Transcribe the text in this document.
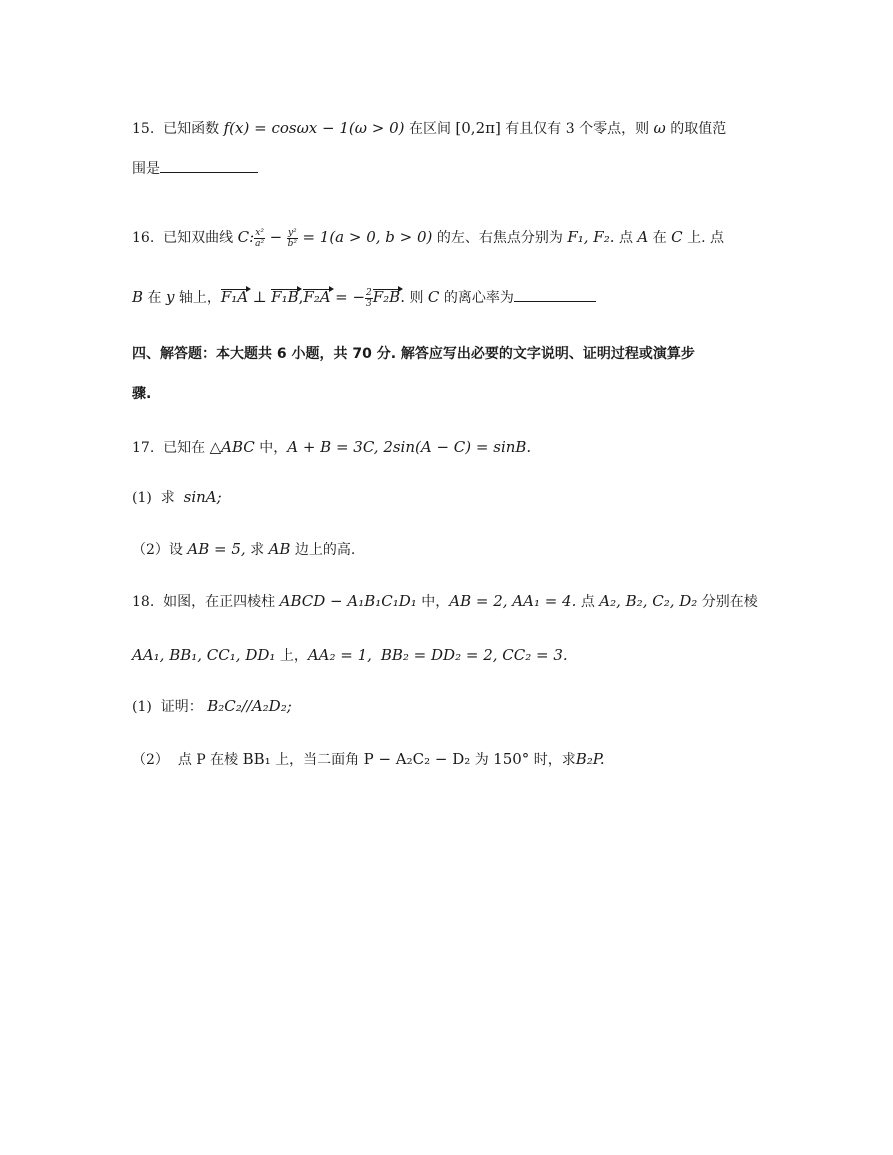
15. 已知函数 f(x) = cosωx − 1(ω > 0) 在区间 [0,2π] 有且仅有 3 个零点，则 ω 的取值范
围是
16. 已知双曲线 C: $\frac{\text{x²}}{\text{a²}} - \frac{\text{y²}}{\text{b²}} = 1(a > 0$, b > 0) 的左、右焦点分别为 F₁, F₂. 点 A 在 C 上. 点
B 在 y 轴上，F₁A ⊥ F₁B,F₂A = − $\frac{2}{3} F_2B$. 则 C 的离心率为
四、解答题：本大题共 6 小题，共 70 分. 解答应写出必要的文字说明、证明过程或演算步
骤.
17. 已知在 △ABC 中，A + B = 3C, 2sin(A − C) = sinB.
(1) 求 sinA;
（2）设 AB = 5, 求 AB 边上的高.
18. 如图，在正四棱柱 ABCD − A₁B₁C₁D₁ 中，AB = 2, AA₁ = 4. 点 A₂, B₂, C₂, D₂ 分别在棱
AA₁, BB₁, CC₁, DD₁ 上，AA₂ = 1, BB₂ = DD₂ = 2, CC₂ = 3.
(1) 证明： B₂C₂//A₂D₂;
（2） 点 P 在棱 BB₁ 上，当二面角 P − A₂C₂ − D₂ 为 150° 时，求B₂P.
